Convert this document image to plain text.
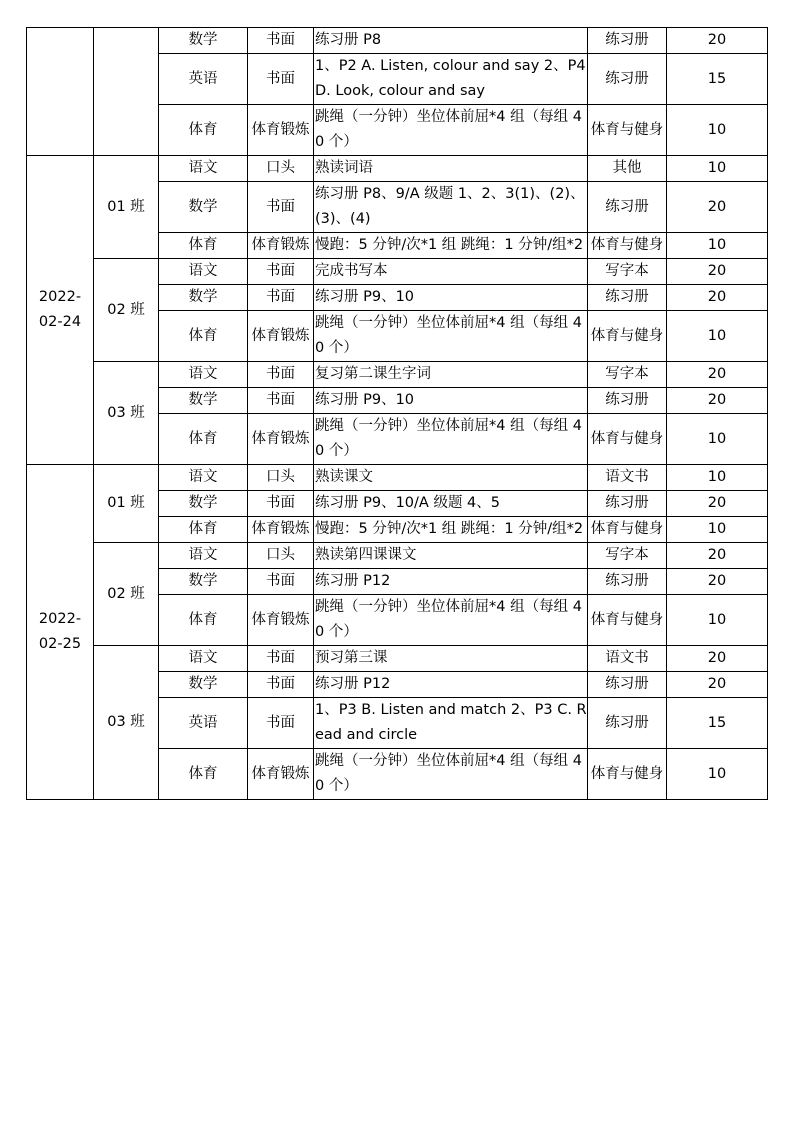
		数学	书面	练习册 P8	练习册	20
		英语	书面	1、P2 A. Listen, colour and say 2、P4 D. Look, colour and say	练习册	15
		体育	体育锻炼	跳绳（一分钟）坐位体前屈*4 组（每组 40 个）	体育与健身	10
2022-02-24	01 班	语文	口头	熟读词语	其他	10
		数学	书面	练习册 P8、9/A 级题 1、2、3(1)、(2)、(3)、(4)	练习册	20
		体育	体育锻炼	慢跑：5 分钟/次*1 组 跳绳：1 分钟/组*2	体育与健身	10
	02 班	语文	书面	完成书写本	写字本	20
		数学	书面	练习册 P9、10	练习册	20
		体育	体育锻炼	跳绳（一分钟）坐位体前屈*4 组（每组 40 个）	体育与健身	10
	03 班	语文	书面	复习第二课生字词	写字本	20
		数学	书面	练习册 P9、10	练习册	20
		体育	体育锻炼	跳绳（一分钟）坐位体前屈*4 组（每组 40 个）	体育与健身	10
2022-02-25	01 班	语文	口头	熟读课文	语文书	10
		数学	书面	练习册 P9、10/A 级题 4、5	练习册	20
		体育	体育锻炼	慢跑：5 分钟/次*1 组 跳绳：1 分钟/组*2	体育与健身	10
	02 班	语文	口头	熟读第四课课文	写字本	20
		数学	书面	练习册 P12	练习册	20
		体育	体育锻炼	跳绳（一分钟）坐位体前屈*4 组（每组 40 个）	体育与健身	10
	03 班	语文	书面	预习第三课	语文书	20
		数学	书面	练习册 P12	练习册	20
		英语	书面	1、P3 B. Listen and match 2、P3 C. Read and circle	练习册	15
		体育	体育锻炼	跳绳（一分钟）坐位体前屈*4 组（每组 40 个）	体育与健身	10
